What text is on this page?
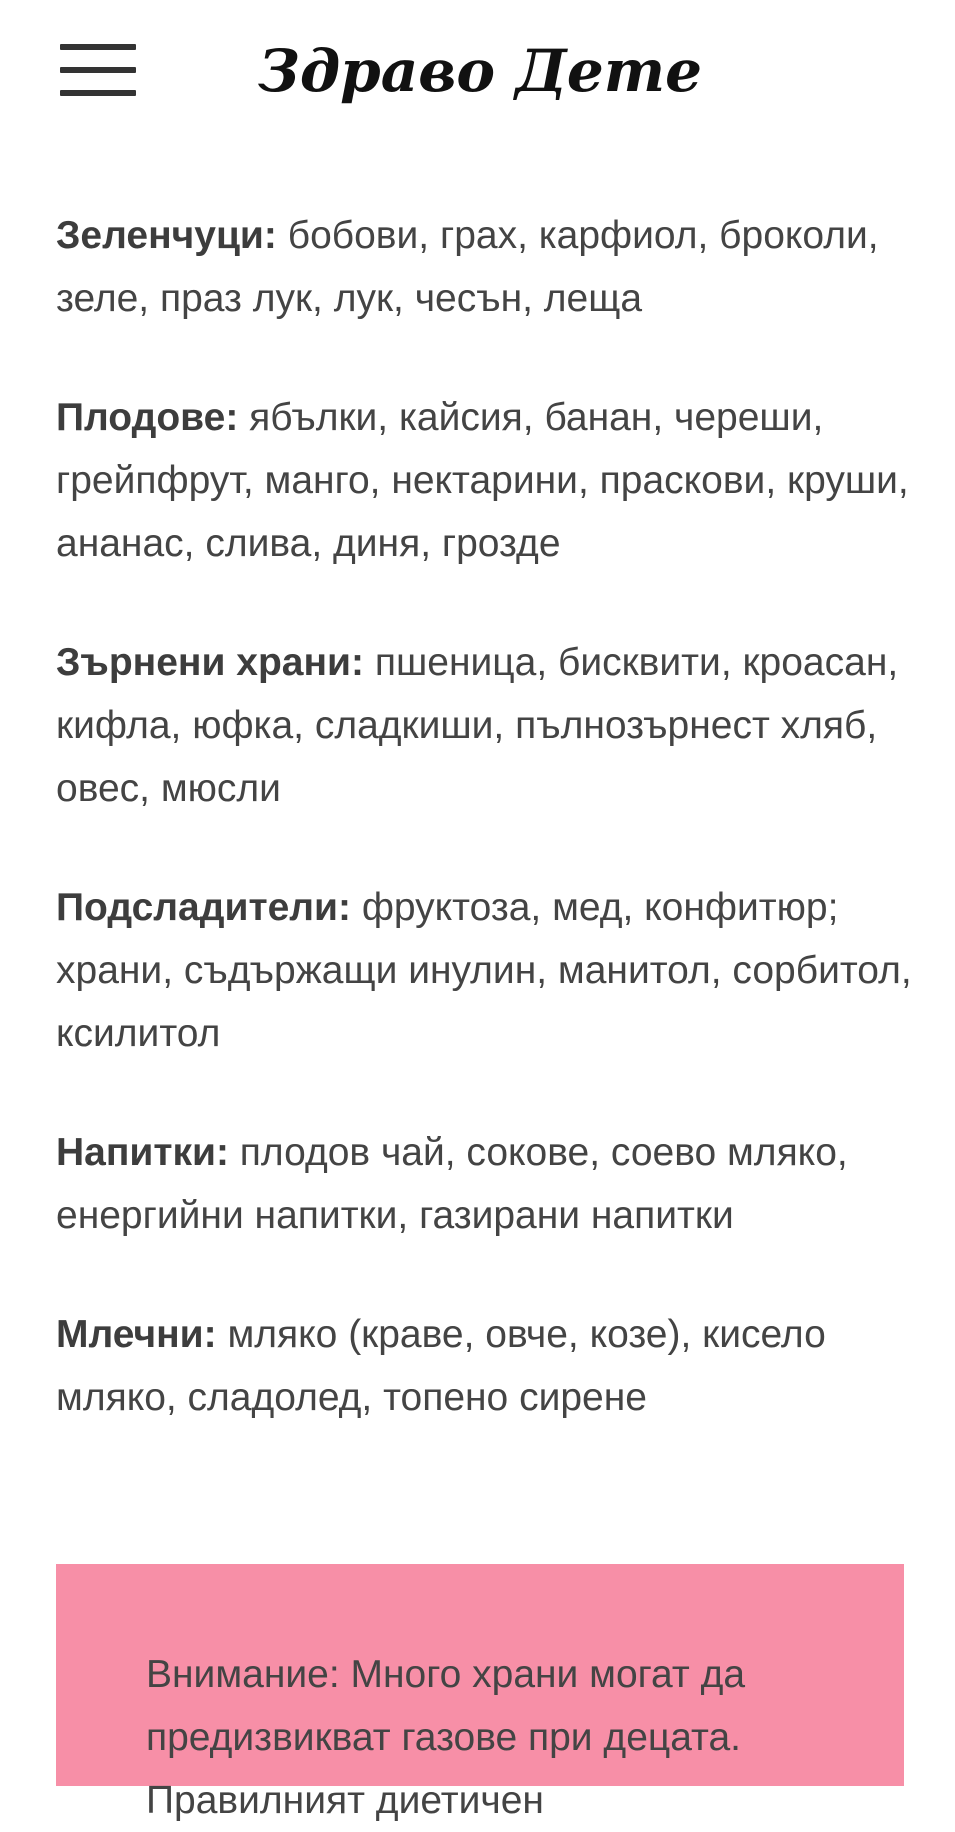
Здраво Дете

Зеленчуци: бобови, грах, карфиол, броколи, зеле, праз лук, лук, чесън, леща

Плодове: ябълки, кайсия, банан, череши, грейпфрут, манго, нектарини, праскови, круши, ананас, слива, диня, грозде

Зърнени храни: пшеница, бисквити, кроасан, кифла, юфка, сладкиши, пълнозърнест хляб, овес, мюсли

Подсладители: фруктоза, мед, конфитюр; храни, съдържащи инулин, манитол, сорбитол, ксилитол

Напитки: плодов чай, сокове, соево мляко, енергийни напитки, газирани напитки

Млечни: мляко (краве, овче, козе), кисело мляко, сладолед, топено сирене

Внимание: Много храни могат да предизвикват газове при децата. Правилният диетичен
